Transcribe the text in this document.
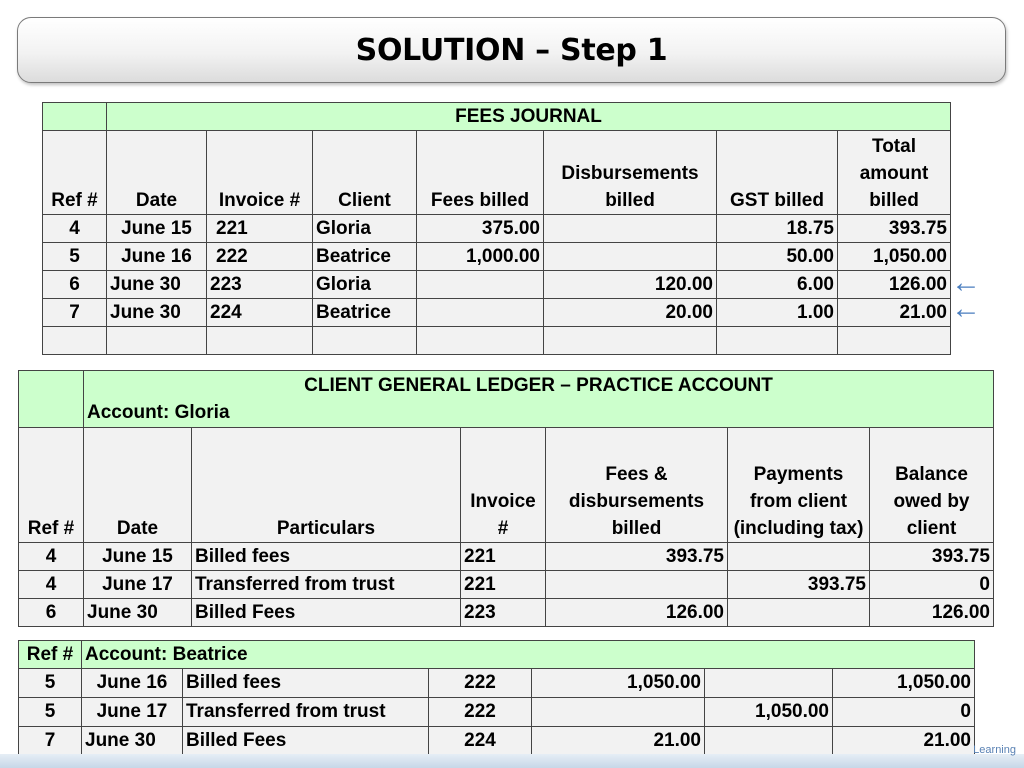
SOLUTION – Step 1
	FEES JOURNAL						
Ref #	Date	Invoice #	Client	Fees billed	Disbursements billed	GST billed	Total amount billed
4	June 15	221	Gloria	375.00		18.75	393.75
5	June 16	222	Beatrice	1,000.00		50.00	1,050.00
6	June 30	223	Gloria		120.00	6.00	126.00
7	June 30	224	Beatrice		20.00	1.00	21.00

←
←

	CLIENT GENERAL LEDGER – PRACTICE ACCOUNT
Account: Gloria					

Ref #	Date	Particulars	Invoice #	Fees & disbursements billed	Payments from client (including tax)	Balance owed by client
4	June 15	Billed fees	221	393.75		393.75
4	June 17	Transferred from trust	221		393.75	0
6	June 30	Billed Fees	223	126.00		126.00
Ref #	Account: Beatrice					
5	June 16	Billed fees	222	1,050.00		1,050.00
5	June 17	Transferred from trust	222		1,050.00	0
7	June 30	Billed Fees	224	21.00		21.00 Learning
